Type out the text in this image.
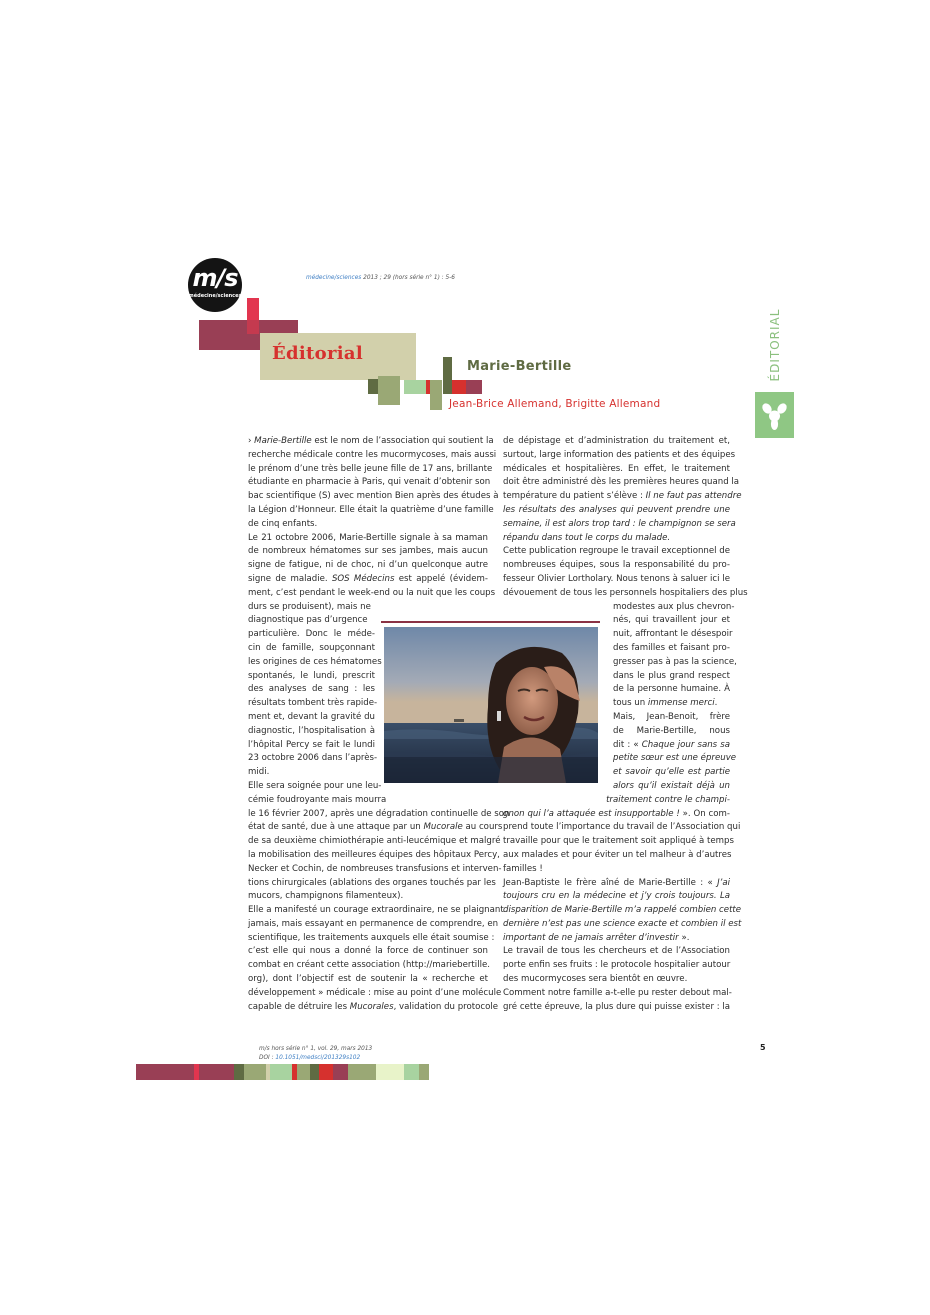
m/s
médecine/sciences
médecine/sciences 2013 ; 29 (hors série n° 1) : 5-6
Éditorial
Marie-Bertille
Jean-Brice Allemand, Brigitte Allemand
ÉDITORIAL

› Marie-Bertille est le nom de l’association qui soutient la

recherche médicale contre les mucormycoses, mais aussi

le prénom d’une très belle jeune fille de 17 ans, brillante

étudiante en pharmacie à Paris, qui venait d’obtenir son

bac scientifique (S) avec mention Bien après des études à

la Légion d’Honneur. Elle était la quatrième d’une famille

de cinq enfants.

Le 21 octobre 2006, Marie-Bertille signale à sa maman

de nombreux hématomes sur ses jambes, mais aucun

signe de fatigue, ni de choc, ni d’un quelconque autre

signe de maladie. SOS Médecins est appelé (évidem-

ment, c’est pendant le week-end ou la nuit que les coups

durs se produisent), mais ne

diagnostique pas d’urgence

particulière. Donc le méde-

cin de famille, soupçonnant

les origines de ces hématomes

spontanés, le lundi, prescrit

des analyses de sang : les

résultats tombent très rapide-

ment et, devant la gravité du

diagnostic, l’hospitalisation à

l’hôpital Percy se fait le lundi

23 octobre 2006 dans l’après-

midi.

Elle sera soignée pour une leu-

cémie foudroyante mais mourra

le 16 février 2007, après une dégradation continuelle de son

état de santé, due à une attaque par un Mucorale au cours

de sa deuxième chimiothérapie anti-leucémique et malgré

la mobilisation des meilleures équipes des hôpitaux Percy,

Necker et Cochin, de nombreuses transfusions et interven-

tions chirurgicales (ablations des organes touchés par les

mucors, champignons filamenteux).

Elle a manifesté un courage extraordinaire, ne se plaignant

jamais, mais essayant en permanence de comprendre, en

scientifique, les traitements auxquels elle était soumise :

c’est elle qui nous a donné la force de continuer son

combat en créant cette association (http://mariebertille.

org), dont l’objectif est de soutenir la « recherche et

développement » médicale : mise au point d’une molécule

capable de détruire les Mucorales, validation du protocole

de dépistage et d’administration du traitement et,

surtout, large information des patients et des équipes

médicales et hospitalières. En effet, le traitement

doit être administré dès les premières heures quand la

température du patient s’élève : Il ne faut pas attendre

les résultats des analyses qui peuvent prendre une

semaine, il est alors trop tard : le champignon se sera

répandu dans tout le corps du malade.

Cette publication regroupe le travail exceptionnel de

nombreuses équipes, sous la responsabilité du pro-

fesseur Olivier Lortholary. Nous tenons à saluer ici le

dévouement de tous les personnels hospitaliers des plus

modestes aux plus chevron-

nés, qui travaillent jour et

nuit, affrontant le désespoir

des familles et faisant pro-

gresser pas à pas la science,

dans le plus grand respect

de la personne humaine. À

tous un immense merci.

Mais, Jean-Benoit, frère

de Marie-Bertille, nous

dit : « Chaque jour sans sa

petite sœur est une épreuve

et savoir qu’elle est partie

alors qu’il existait déjà un

traitement contre le champi-

gnon qui l’a attaquée est insupportable ! ». On com-

prend toute l’importance du travail de l’Association qui

travaille pour que le traitement soit appliqué à temps

aux malades et pour éviter un tel malheur à d’autres

familles !

Jean-Baptiste le frère aîné de Marie-Bertille : « J’ai

toujours cru en la médecine et j’y crois toujours. La

disparition de Marie-Bertille m’a rappelé combien cette

dernière n’est pas une science exacte et combien il est

important de ne jamais arrêter d’investir ».

Le travail de tous les chercheurs et de l’Association

porte enfin ses fruits : le protocole hospitalier autour

des mucormycoses sera bientôt en œuvre.

Comment notre famille a-t-elle pu rester debout mal-

gré cette épreuve, la plus dure qui puisse exister : la

m/s hors série n° 1, vol. 29, mars 2013
DOI : 10.1051/medsci/201329s102
5
